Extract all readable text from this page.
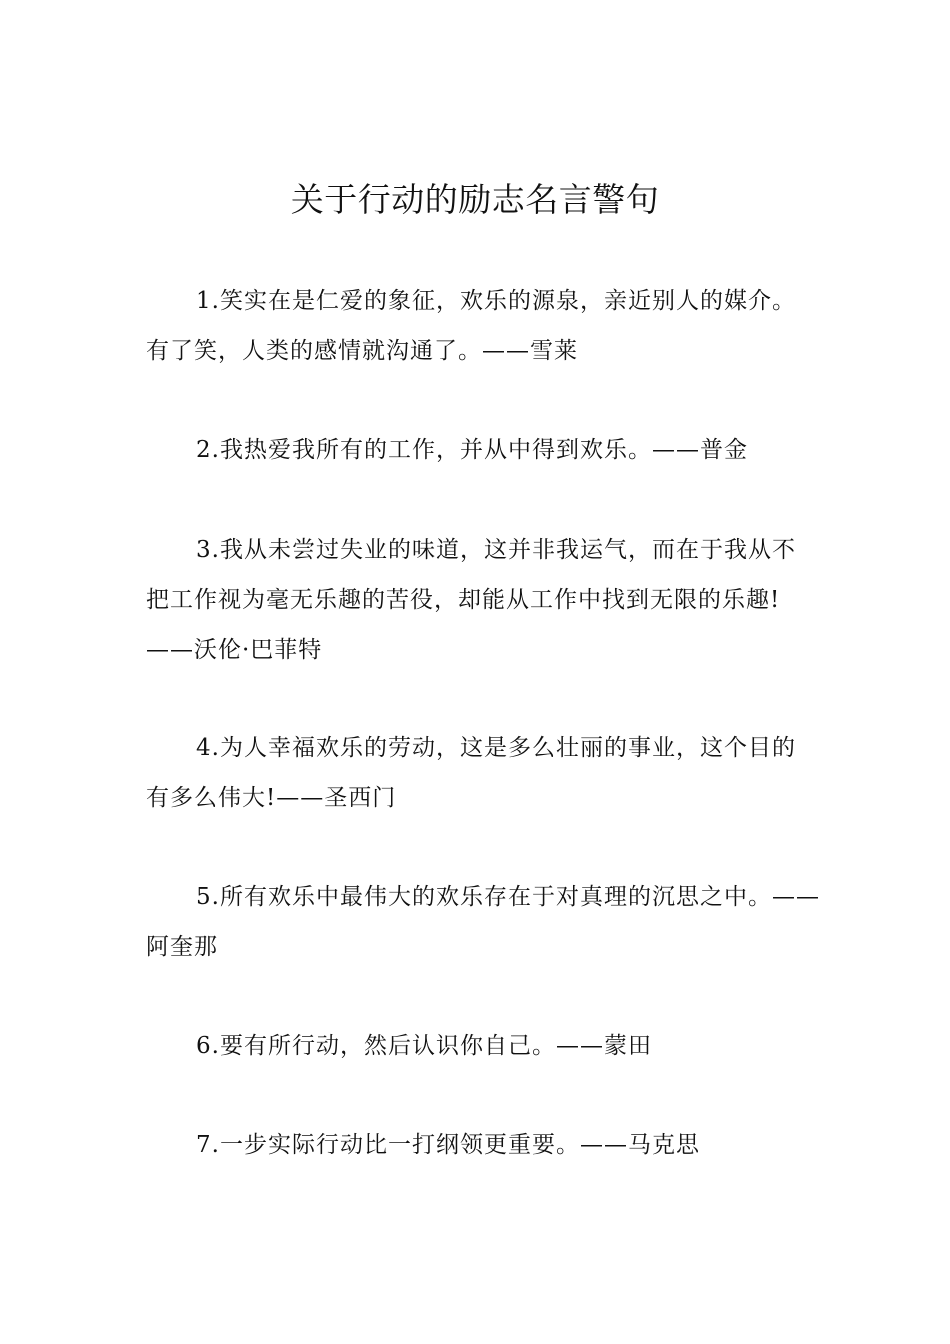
关于行动的励志名言警句

1.笑实在是仁爱的象征，欢乐的源泉，亲近别人的媒介。有了笑，人类的感情就沟通了。——雪莱

2.我热爱我所有的工作，并从中得到欢乐。——普金

3.我从未尝过失业的味道，这并非我运气，而在于我从不把工作视为毫无乐趣的苦役，却能从工作中找到无限的乐趣!——沃伦·巴菲特

4.为人幸福欢乐的劳动，这是多么壮丽的事业，这个目的有多么伟大!——圣西门

5.所有欢乐中最伟大的欢乐存在于对真理的沉思之中。——阿奎那

6.要有所行动，然后认识你自己。——蒙田

7.一步实际行动比一打纲领更重要。——马克思
